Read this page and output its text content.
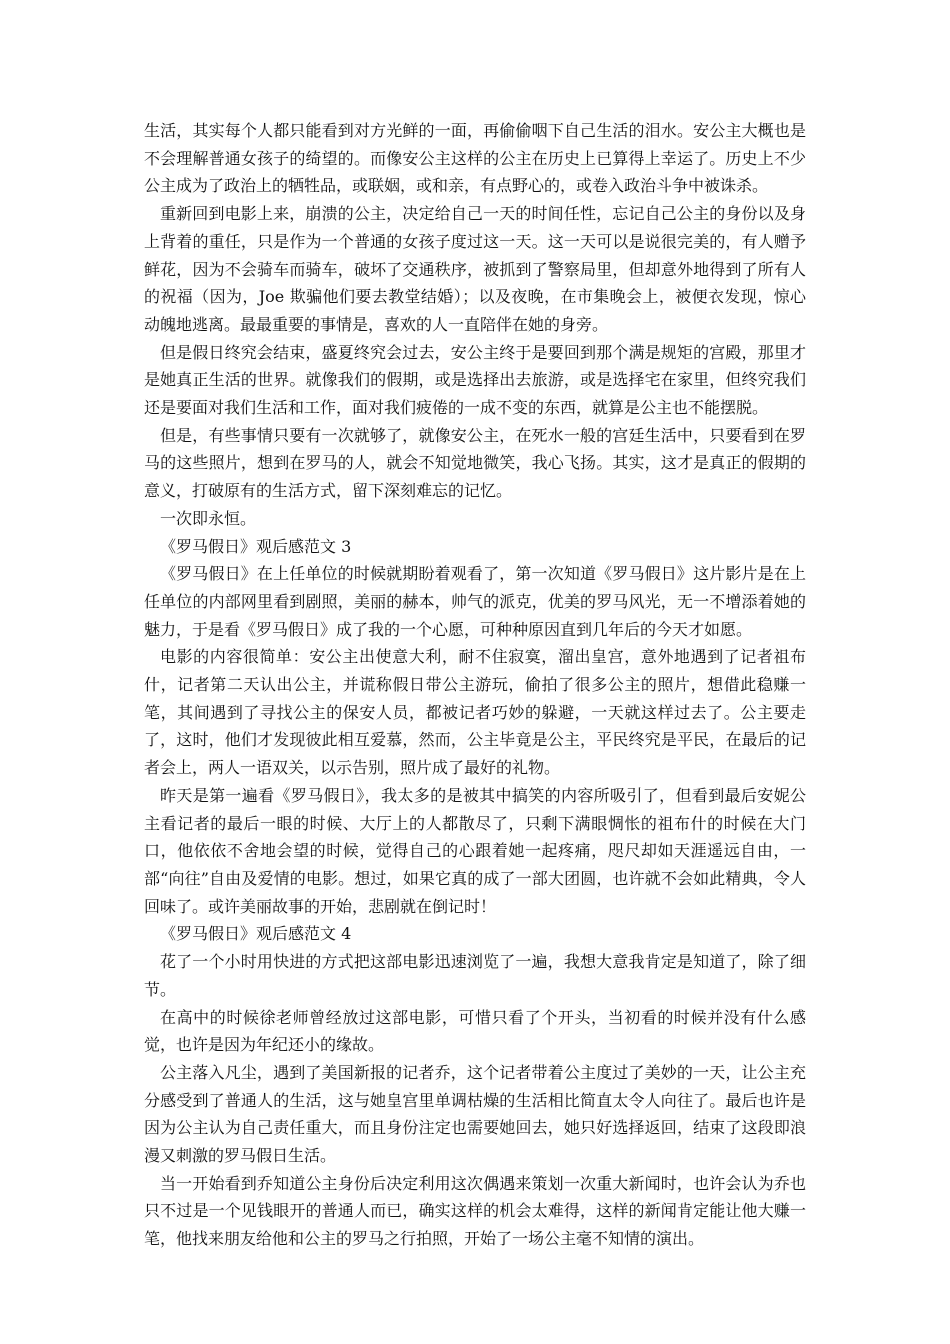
生活，其实每个人都只能看到对方光鲜的一面，再偷偷咽下自己生活的泪水。安公主大概也是不会理解普通女孩子的绮望的。而像安公主这样的公主在历史上已算得上幸运了。历史上不少公主成为了政治上的牺牲品，或联姻，或和亲，有点野心的，或卷入政治斗争中被诛杀。

重新回到电影上来，崩溃的公主，决定给自己一天的时间任性，忘记自己公主的身份以及身上背着的重任，只是作为一个普通的女孩子度过这一天。这一天可以是说很完美的，有人赠予鲜花，因为不会骑车而骑车，破坏了交通秩序，被抓到了警察局里，但却意外地得到了所有人的祝福（因为，Joe 欺骗他们要去教堂结婚）；以及夜晚，在市集晚会上，被便衣发现，惊心动魄地逃离。最最重要的事情是，喜欢的人一直陪伴在她的身旁。

但是假日终究会结束，盛夏终究会过去，安公主终于是要回到那个满是规矩的宫殿，那里才是她真正生活的世界。就像我们的假期，或是选择出去旅游，或是选择宅在家里，但终究我们还是要面对我们生活和工作，面对我们疲倦的一成不变的东西，就算是公主也不能摆脱。

但是，有些事情只要有一次就够了，就像安公主，在死水一般的宫廷生活中，只要看到在罗马的这些照片，想到在罗马的人，就会不知觉地微笑，我心飞扬。其实，这才是真正的假期的意义，打破原有的生活方式，留下深刻难忘的记忆。

一次即永恒。

《罗马假日》观后感范文 3

《罗马假日》在上任单位的时候就期盼着观看了，第一次知道《罗马假日》这片影片是在上任单位的内部网里看到剧照，美丽的赫本，帅气的派克，优美的罗马风光，无一不增添着她的魅力，于是看《罗马假日》成了我的一个心愿，可种种原因直到几年后的今天才如愿。

电影的内容很简单：安公主出使意大利，耐不住寂寞，溜出皇宫，意外地遇到了记者祖布什，记者第二天认出公主，并谎称假日带公主游玩，偷拍了很多公主的照片，想借此稳赚一笔，其间遇到了寻找公主的保安人员，都被记者巧妙的躲避，一天就这样过去了。公主要走了，这时，他们才发现彼此相互爱慕，然而，公主毕竟是公主，平民终究是平民，在最后的记者会上，两人一语双关，以示告别，照片成了最好的礼物。

昨天是第一遍看《罗马假日》，我太多的是被其中搞笑的内容所吸引了，但看到最后安妮公主看记者的最后一眼的时候、大厅上的人都散尽了，只剩下满眼惆怅的祖布什的时候在大门口，他依依不舍地会望的时候，觉得自己的心跟着她一起疼痛，咫尺却如天涯遥远自由，一部“向往”自由及爱情的电影。想过，如果它真的成了一部大团圆，也许就不会如此精典，令人回味了。或许美丽故事的开始，悲剧就在倒记时！

《罗马假日》观后感范文 4

花了一个小时用快进的方式把这部电影迅速浏览了一遍，我想大意我肯定是知道了，除了细节。

在高中的时候徐老师曾经放过这部电影，可惜只看了个开头，当初看的时候并没有什么感觉，也许是因为年纪还小的缘故。

公主落入凡尘，遇到了美国新报的记者乔，这个记者带着公主度过了美妙的一天，让公主充分感受到了普通人的生活，这与她皇宫里单调枯燥的生活相比简直太令人向往了。最后也许是因为公主认为自己责任重大，而且身份注定也需要她回去，她只好选择返回，结束了这段即浪漫又刺激的罗马假日生活。

当一开始看到乔知道公主身份后决定利用这次偶遇来策划一次重大新闻时，也许会认为乔也只不过是一个见钱眼开的普通人而已，确实这样的机会太难得，这样的新闻肯定能让他大赚一笔，他找来朋友给他和公主的罗马之行拍照，开始了一场公主毫不知情的演出。
